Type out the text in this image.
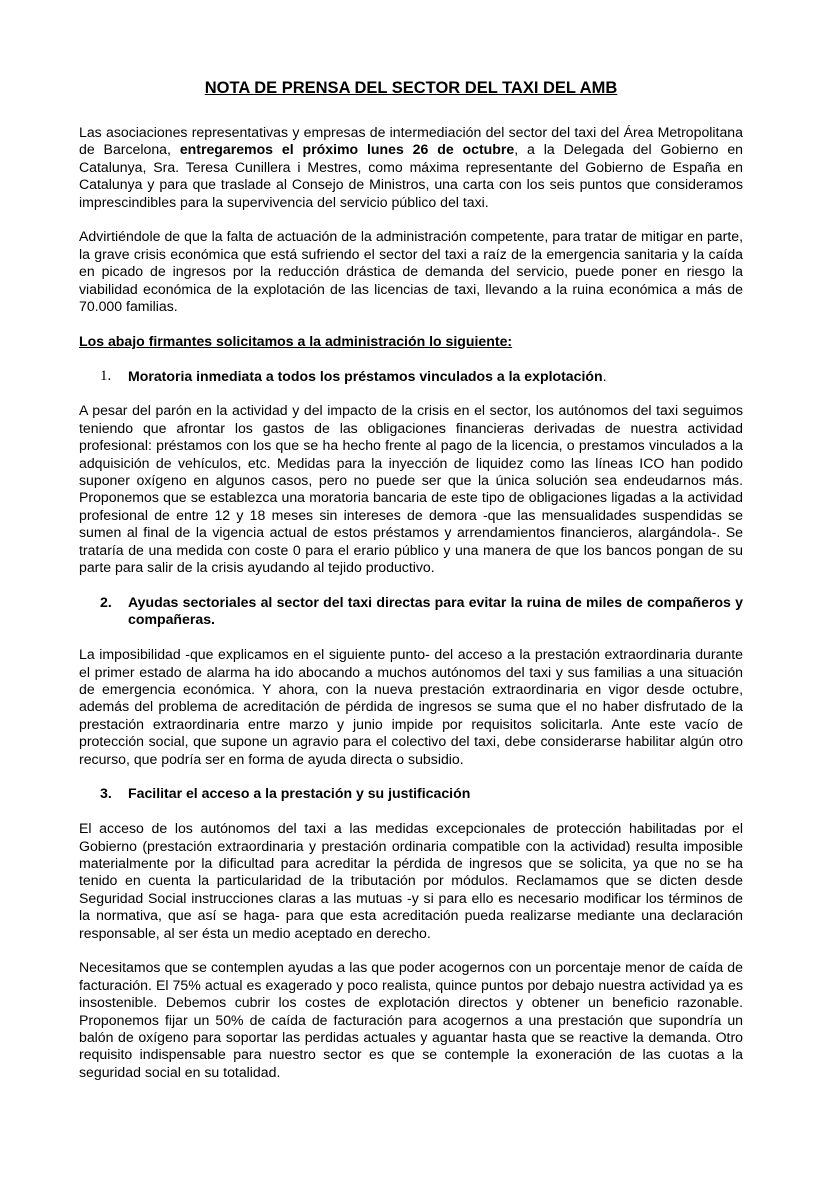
NOTA DE PRENSA DEL SECTOR DEL TAXI DEL AMB

Las asociaciones representativas y empresas de intermediación del sector del taxi del Área Metropolitana de Barcelona, entregaremos el próximo lunes 26 de octubre, a la Delegada del Gobierno en Catalunya, Sra. Teresa Cunillera i Mestres, como máxima representante del Gobierno de España en Catalunya y para que traslade al Consejo de Ministros, una carta con los seis puntos que consideramos imprescindibles para la supervivencia del servicio público del taxi.

Advirtiéndole de que la falta de actuación de la administración competente, para tratar de mitigar en parte, la grave crisis económica que está sufriendo el sector del taxi a raíz de la emergencia sanitaria y la caída en picado de ingresos por la reducción drástica de demanda del servicio, puede poner en riesgo la viabilidad económica de la explotación de las licencias de taxi, llevando a la ruina económica a más de 70.000 familias.

Los abajo firmantes solicitamos a la administración lo siguiente:

1.	Moratoria inmediata a todos los préstamos vinculados a la explotación.

A pesar del parón en la actividad y del impacto de la crisis en el sector, los autónomos del taxi seguimos teniendo que afrontar los gastos de las obligaciones financieras derivadas de nuestra actividad profesional: préstamos con los que se ha hecho frente al pago de la licencia, o prestamos vinculados a la adquisición de vehículos, etc. Medidas para la inyección de liquidez como las líneas ICO han podido suponer oxígeno en algunos casos, pero no puede ser que la única solución sea endeudarnos más. Proponemos que se establezca una moratoria bancaria de este tipo de obligaciones ligadas a la actividad profesional de entre 12 y 18 meses sin intereses de demora -que las mensualidades suspendidas se sumen al final de la vigencia actual de estos préstamos y arrendamientos financieros, alargándola-. Se trataría de una medida con coste 0 para el erario público y una manera de que los bancos pongan de su parte para salir de la crisis ayudando al tejido productivo.

2.	Ayudas sectoriales al sector del taxi directas para evitar la ruina de miles de compañeros y compañeras.

La imposibilidad -que explicamos en el siguiente punto- del acceso a la prestación extraordinaria durante el primer estado de alarma ha ido abocando a muchos autónomos del taxi y sus familias a una situación de emergencia económica. Y ahora, con la nueva prestación extraordinaria en vigor desde octubre, además del problema de acreditación de pérdida de ingresos se suma que el no haber disfrutado de la prestación extraordinaria entre marzo y junio impide por requisitos solicitarla. Ante este vacío de protección social, que supone un agravio para el colectivo del taxi, debe considerarse habilitar algún otro recurso, que podría ser en forma de ayuda directa o subsidio.

3.	Facilitar el acceso a la prestación y su justificación

El acceso de los autónomos del taxi a las medidas excepcionales de protección habilitadas por el Gobierno (prestación extraordinaria y prestación ordinaria compatible con la actividad) resulta imposible materialmente por la dificultad para acreditar la pérdida de ingresos que se solicita, ya que no se ha tenido en cuenta la particularidad de la tributación por módulos. Reclamamos que se dicten desde Seguridad Social instrucciones claras a las mutuas -y si para ello es necesario modificar los términos de la normativa, que así se haga- para que esta acreditación pueda realizarse mediante una declaración responsable, al ser ésta un medio aceptado en derecho.

Necesitamos que se contemplen ayudas a las que poder acogernos con un porcentaje menor de caída de facturación. El 75% actual es exagerado y poco realista, quince puntos por debajo nuestra actividad ya es insostenible. Debemos cubrir los costes de explotación directos y obtener un beneficio razonable. Proponemos fijar un 50% de caída de facturación para acogernos a una prestación que supondría un balón de oxígeno para soportar las perdidas actuales y aguantar hasta que se reactive la demanda. Otro requisito indispensable para nuestro sector es que se contemple la exoneración de las cuotas a la seguridad social en su totalidad.
